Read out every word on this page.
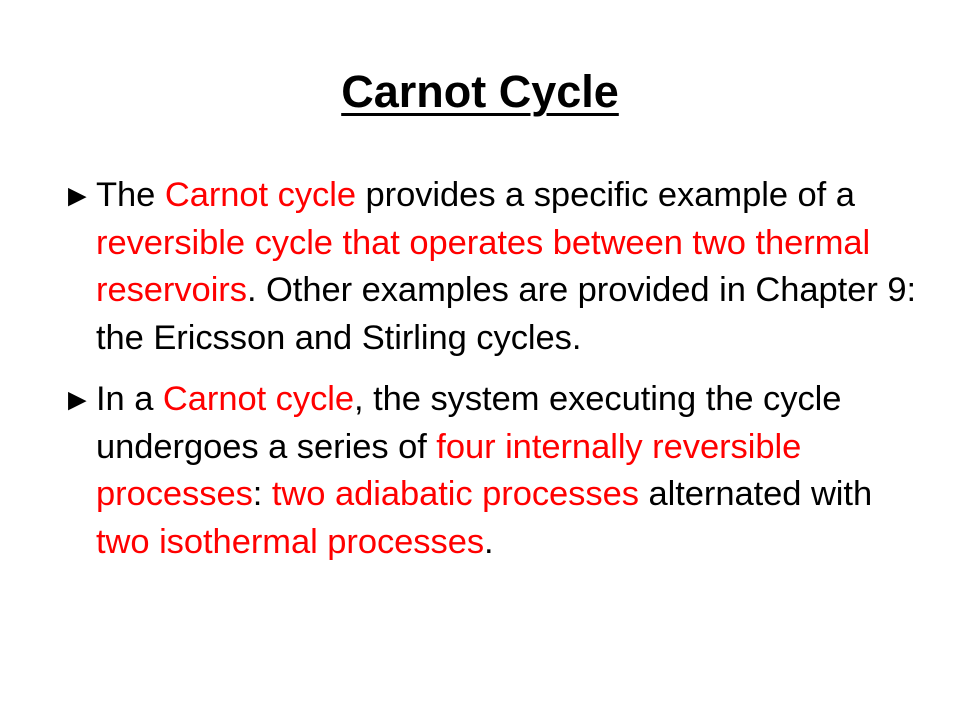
Carnot Cycle
► The Carnot cycle provides a specific example of a reversible cycle that operates between two thermal reservoirs. Other examples are provided in Chapter 9: the Ericsson and Stirling cycles.
► In a Carnot cycle, the system executing the cycle undergoes a series of four internally reversible processes: two adiabatic processes alternated with two isothermal processes.
